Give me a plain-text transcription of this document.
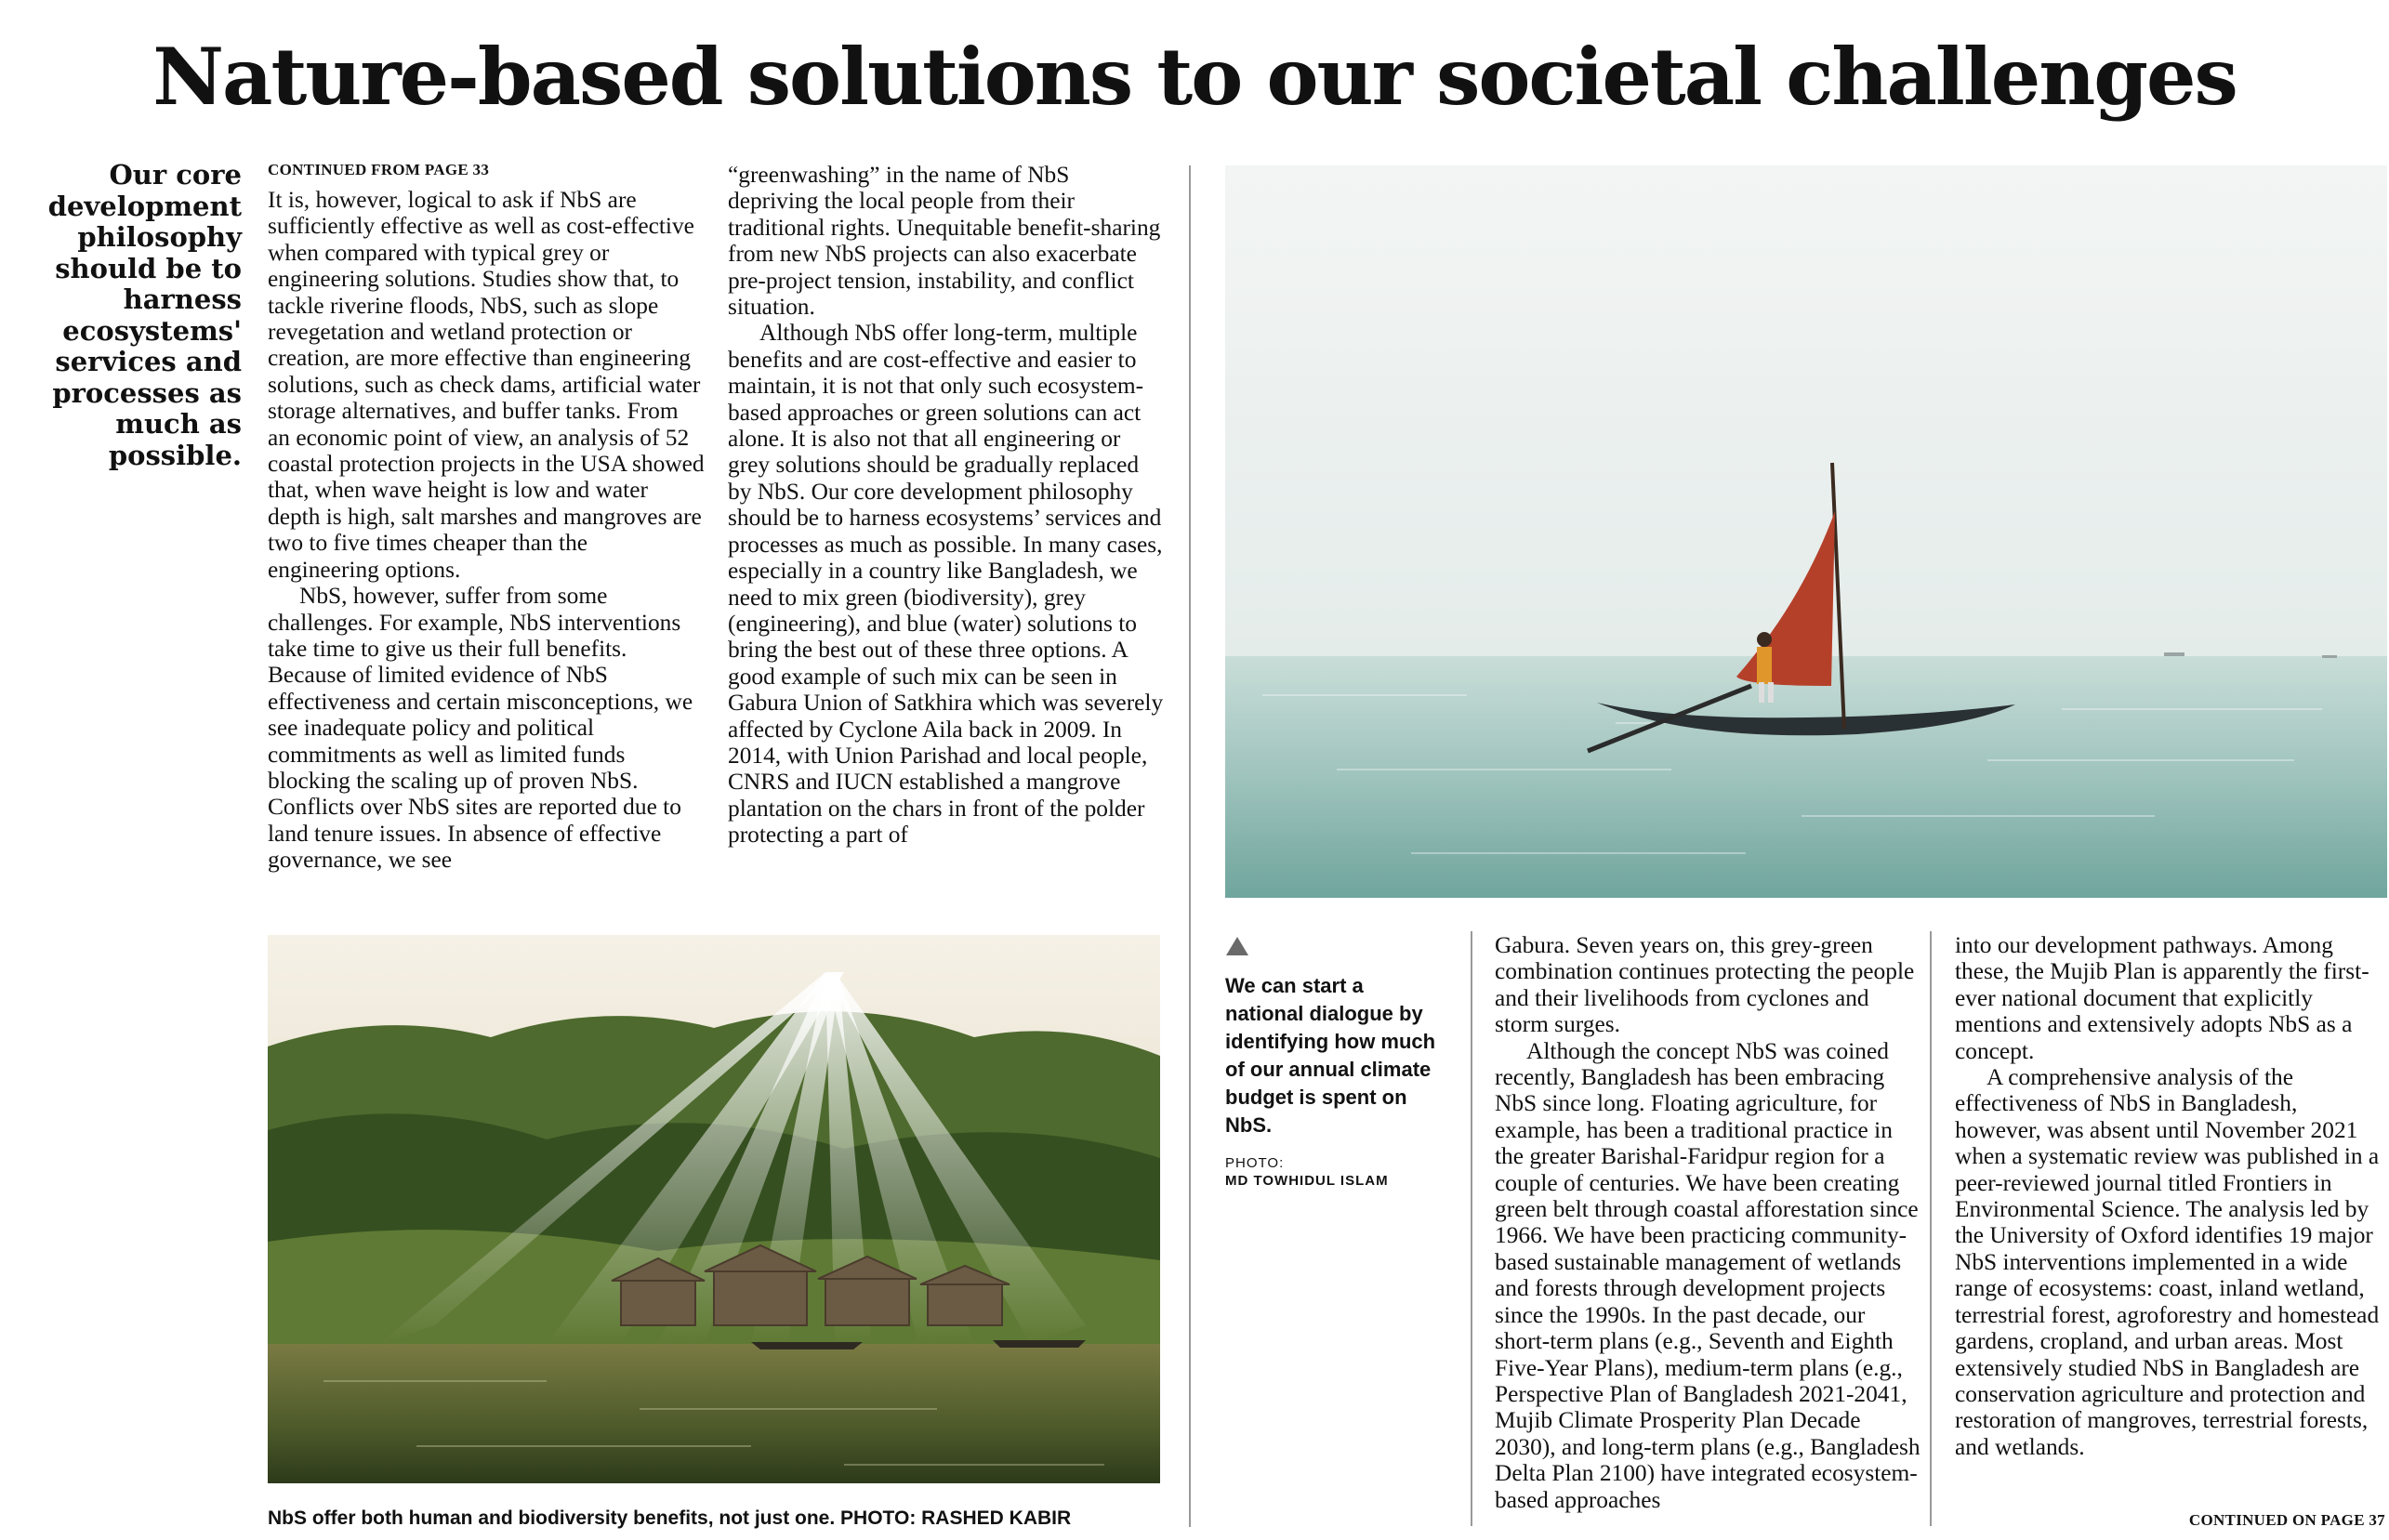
Nature-based solutions to our societal challenges
Our core development philosophy should be to harness ecosystems' services and processes as much as possible.
CONTINUED FROM PAGE 33

It is, however, logical to ask if NbS are sufficiently effective as well as cost-effective when compared with typical grey or engineering solutions. Studies show that, to tackle riverine floods, NbS, such as slope revegetation and wetland protection or creation, are more effective than engineering solutions, such as check dams, artificial water storage alternatives, and buffer tanks. From an economic point of view, an analysis of 52 coastal protection projects in the USA showed that, when wave height is low and water depth is high, salt marshes and mangroves are two to five times cheaper than the engineering options.

NbS, however, suffer from some challenges. For example, NbS interventions take time to give us their full benefits. Because of limited evidence of NbS effectiveness and certain misconceptions, we see inadequate policy and political commitments as well as limited funds blocking the scaling up of proven NbS. Conflicts over NbS sites are reported due to land tenure issues. In absence of effective governance, we see

“greenwashing” in the name of NbS depriving the local people from their traditional rights. Unequitable benefit-sharing from new NbS projects can also exacerbate pre-project tension, instability, and conflict situation.

Although NbS offer long-term, multiple benefits and are cost-effective and easier to maintain, it is not that only such ecosystem-based approaches or green solutions can act alone. It is also not that all engineering or grey solutions should be gradually replaced by NbS. Our core development philosophy should be to harness ecosystems’ services and processes as much as possible. In many cases, especially in a country like Bangladesh, we need to mix green (biodiversity), grey (engineering), and blue (water) solutions to bring the best out of these three options. A good example of such mix can be seen in Gabura Union of Satkhira which was severely affected by Cyclone Aila back in 2009. In 2014, with Union Parishad and local people, CNRS and IUCN established a mangrove plantation on the chars in front of the polder protecting a part of

NbS offer both human and biodiversity benefits, not just one. PHOTO: RASHED KABIR
We can start a national dialogue by identifying how much of our annual climate budget is spent on NbS.
PHOTO:
MD TOWHIDUL ISLAM

Gabura. Seven years on, this grey-green combination continues protecting the people and their livelihoods from cyclones and storm surges.

Although the concept NbS was coined recently, Bangladesh has been embracing NbS since long. Floating agriculture, for example, has been a traditional practice in the greater Barishal-Faridpur region for a couple of centuries. We have been creating green belt through coastal afforestation since 1966. We have been practicing community-based sustainable management of wetlands and forests through development projects since the 1990s. In the past decade, our short-term plans (e.g., Seventh and Eighth Five-Year Plans), medium-term plans (e.g., Perspective Plan of Bangladesh 2021-2041, Mujib Climate Prosperity Plan Decade 2030), and long-term plans (e.g., Bangladesh Delta Plan 2100) have integrated ecosystem-based approaches

into our development pathways. Among these, the Mujib Plan is apparently the first-ever national document that explicitly mentions and extensively adopts NbS as a concept.

A comprehensive analysis of the effectiveness of NbS in Bangladesh, however, was absent until November 2021 when a systematic review was published in a peer-reviewed journal titled Frontiers in Environmental Science. The analysis led by the University of Oxford identifies 19 major NbS interventions implemented in a wide range of ecosystems: coast, inland wetland, terrestrial forest, agroforestry and homestead gardens, cropland, and urban areas. Most extensively studied NbS in Bangladesh are conservation agriculture and protection and restoration of mangroves, terrestrial forests, and wetlands.

CONTINUED ON PAGE 37
